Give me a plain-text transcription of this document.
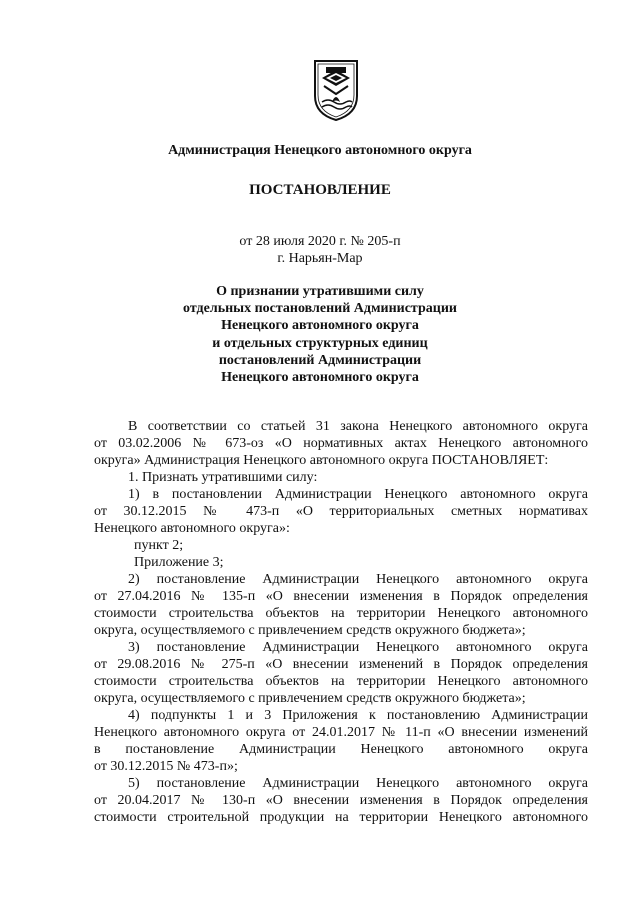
Администрация Ненецкого автономного округа
ПОСТАНОВЛЕНИЕ
от 28 июля 2020 г. № 205-п
г. Нарьян-Мар
О признании утратившими силу
отдельных постановлений Администрации
Ненецкого автономного округа
и отдельных структурных единиц
постановлений Администрации
Ненецкого автономного округа
В соответствии со статьей 31 закона Ненецкого автономного округа
от 03.02.2006 № 673-оз «О нормативных актах Ненецкого автономного
округа» Администрация Ненецкого автономного округа ПОСТАНОВЛЯЕТ:
1. Признать утратившими силу:
1) в постановлении Администрации Ненецкого автономного округа
от 30.12.2015 № 473-п «О территориальных сметных нормативах
Ненецкого автономного округа»:
пункт 2;
Приложение 3;
2) постановление Администрации Ненецкого автономного округа
от 27.04.2016 № 135-п «О внесении изменения в Порядок определения
стоимости строительства объектов на территории Ненецкого автономного
округа, осуществляемого с привлечением средств окружного бюджета»;
3) постановление Администрации Ненецкого автономного округа
от 29.08.2016 № 275-п «О внесении изменений в Порядок определения
стоимости строительства объектов на территории Ненецкого автономного
округа, осуществляемого с привлечением средств окружного бюджета»;
4) подпункты 1 и 3 Приложения к постановлению Администрации
Ненецкого автономного округа от 24.01.2017 № 11-п «О внесении изменений
в постановление Администрации Ненецкого автономного округа
от 30.12.2015 № 473-п»;
5) постановление Администрации Ненецкого автономного округа
от 20.04.2017 № 130-п «О внесении изменения в Порядок определения
стоимости строительной продукции на территории Ненецкого автономного
